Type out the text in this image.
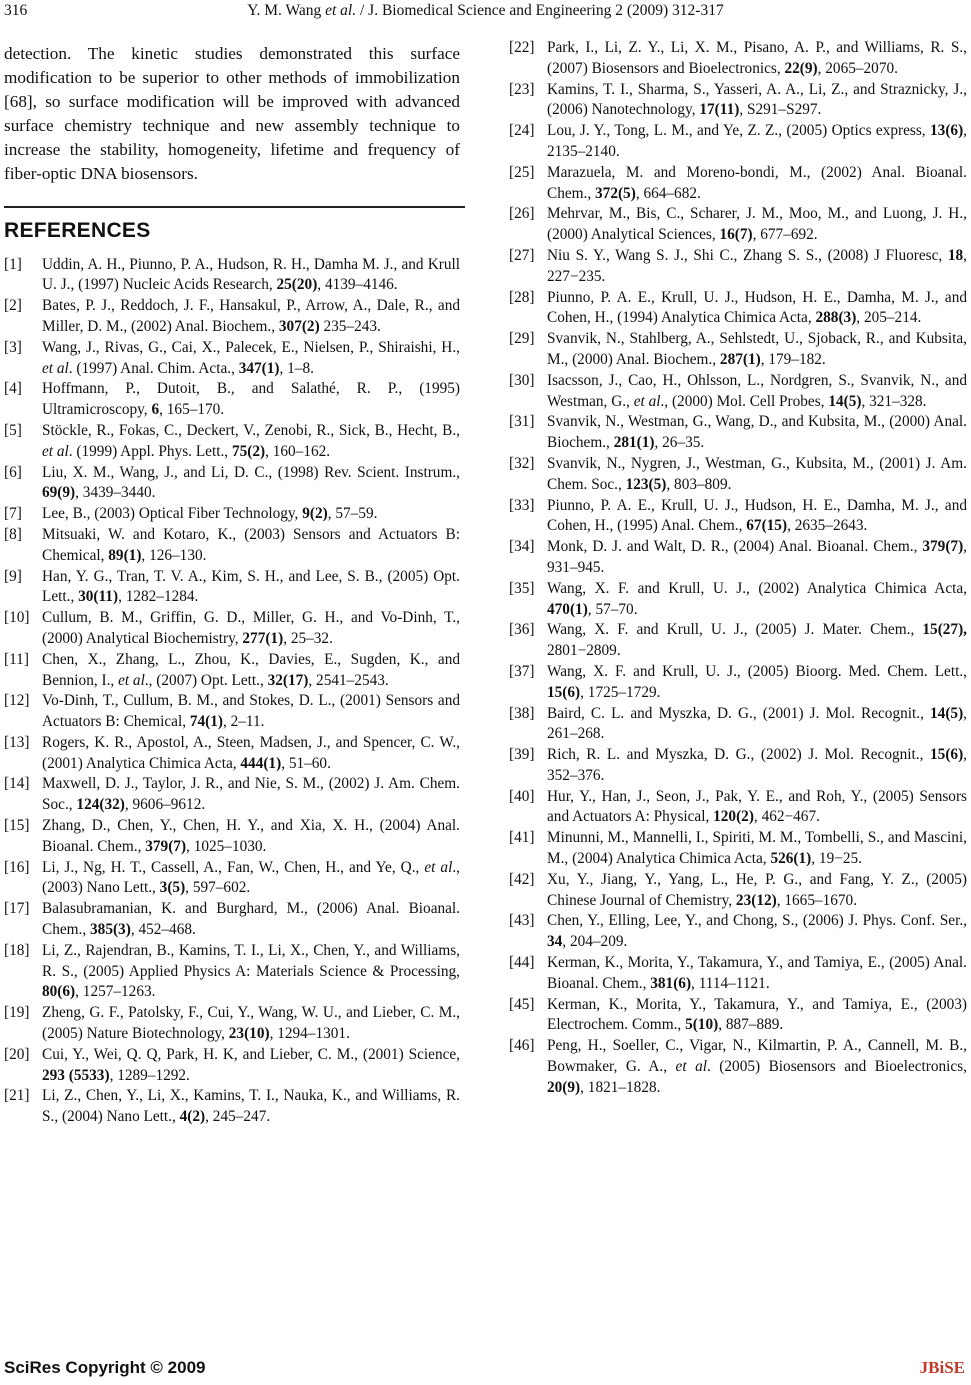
316	Y. M. Wang et al. / J. Biomedical Science and Engineering 2 (2009) 312-317

detection. The kinetic studies demonstrated this surface modification to be superior to other methods of immobilization [68], so surface modification will be improved with advanced surface chemistry technique and new assembly technique to increase the stability, homogeneity, lifetime and frequency of fiber-optic DNA biosensors.

REFERENCES
[1] Uddin, A. H., Piunno, P. A., Hudson, R. H., Damha M. J., and Krull U. J., (1997) Nucleic Acids Research, 25(20), 4139–4146.
[2] Bates, P. J., Reddoch, J. F., Hansakul, P., Arrow, A., Dale, R., and Miller, D. M., (2002) Anal. Biochem., 307(2) 235–243.
[3] Wang, J., Rivas, G., Cai, X., Palecek, E., Nielsen, P., Shiraishi, H., et al. (1997) Anal. Chim. Acta., 347(1), 1–8.
[4] Hoffmann, P., Dutoit, B., and Salathé, R. P., (1995) Ultramicroscopy, 6, 165–170.
[5] Stöckle, R., Fokas, C., Deckert, V., Zenobi, R., Sick, B., Hecht, B., et al. (1999) Appl. Phys. Lett., 75(2), 160–162.
[6] Liu, X. M., Wang, J., and Li, D. C., (1998) Rev. Scient. Instrum., 69(9), 3439–3440.
[7] Lee, B., (2003) Optical Fiber Technology, 9(2), 57–59.
[8] Mitsuaki, W. and Kotaro, K., (2003) Sensors and Actuators B: Chemical, 89(1), 126–130.
[9] Han, Y. G., Tran, T. V. A., Kim, S. H., and Lee, S. B., (2005) Opt. Lett., 30(11), 1282–1284.
[10] Cullum, B. M., Griffin, G. D., Miller, G. H., and Vo-Dinh, T., (2000) Analytical Biochemistry, 277(1), 25–32.
[11] Chen, X., Zhang, L., Zhou, K., Davies, E., Sugden, K., and Bennion, I., et al., (2007) Opt. Lett., 32(17), 2541–2543.
[12] Vo-Dinh, T., Cullum, B. M., and Stokes, D. L., (2001) Sensors and Actuators B: Chemical, 74(1), 2–11.
[13] Rogers, K. R., Apostol, A., Steen, Madsen, J., and Spencer, C. W., (2001) Analytica Chimica Acta, 444(1), 51–60.
[14] Maxwell, D. J., Taylor, J. R., and Nie, S. M., (2002) J. Am. Chem. Soc., 124(32), 9606–9612.
[15] Zhang, D., Chen, Y., Chen, H. Y., and Xia, X. H., (2004) Anal. Bioanal. Chem., 379(7), 1025–1030.
[16] Li, J., Ng, H. T., Cassell, A., Fan, W., Chen, H., and Ye, Q., et al., (2003) Nano Lett., 3(5), 597–602.
[17] Balasubramanian, K. and Burghard, M., (2006) Anal. Bioanal. Chem., 385(3), 452–468.
[18] Li, Z., Rajendran, B., Kamins, T. I., Li, X., Chen, Y., and Williams, R. S., (2005) Applied Physics A: Materials Science & Processing, 80(6), 1257–1263.
[19] Zheng, G. F., Patolsky, F., Cui, Y., Wang, W. U., and Lieber, C. M., (2005) Nature Biotechnology, 23(10), 1294–1301.
[20] Cui, Y., Wei, Q. Q, Park, H. K, and Lieber, C. M., (2001) Science, 293 (5533), 1289–1292.
[21] Li, Z., Chen, Y., Li, X., Kamins, T. I., Nauka, K., and Williams, R. S., (2004) Nano Lett., 4(2), 245–247.
[22] Park, I., Li, Z. Y., Li, X. M., Pisano, A. P., and Williams, R. S., (2007) Biosensors and Bioelectronics, 22(9), 2065–2070.
[23] Kamins, T. I., Sharma, S., Yasseri, A. A., Li, Z., and Straznicky, J., (2006) Nanotechnology, 17(11), S291–S297.
[24] Lou, J. Y., Tong, L. M., and Ye, Z. Z., (2005) Optics express, 13(6), 2135–2140.
[25] Marazuela, M. and Moreno-bondi, M., (2002) Anal. Bioanal. Chem., 372(5), 664–682.
[26] Mehrvar, M., Bis, C., Scharer, J. M., Moo, M., and Luong, J. H., (2000) Analytical Sciences, 16(7), 677–692.
[27] Niu S. Y., Wang S. J., Shi C., Zhang S. S., (2008) J Fluoresc, 18, 227−235.
[28] Piunno, P. A. E., Krull, U. J., Hudson, H. E., Damha, M. J., and Cohen, H., (1994) Analytica Chimica Acta, 288(3), 205–214.
[29] Svanvik, N., Stahlberg, A., Sehlstedt, U., Sjoback, R., and Kubsita, M., (2000) Anal. Biochem., 287(1), 179–182.
[30] Isacsson, J., Cao, H., Ohlsson, L., Nordgren, S., Svanvik, N., and Westman, G., et al., (2000) Mol. Cell Probes, 14(5), 321–328.
[31] Svanvik, N., Westman, G., Wang, D., and Kubsita, M., (2000) Anal. Biochem., 281(1), 26–35.
[32] Svanvik, N., Nygren, J., Westman, G., Kubsita, M., (2001) J. Am. Chem. Soc., 123(5), 803–809.
[33] Piunno, P. A. E., Krull, U. J., Hudson, H. E., Damha, M. J., and Cohen, H., (1995) Anal. Chem., 67(15), 2635–2643.
[34] Monk, D. J. and Walt, D. R., (2004) Anal. Bioanal. Chem., 379(7), 931–945.
[35] Wang, X. F. and Krull, U. J., (2002) Analytica Chimica Acta, 470(1), 57–70.
[36] Wang, X. F. and Krull, U. J., (2005) J. Mater. Chem., 15(27), 2801−2809.
[37] Wang, X. F. and Krull, U. J., (2005) Bioorg. Med. Chem. Lett., 15(6), 1725–1729.
[38] Baird, C. L. and Myszka, D. G., (2001) J. Mol. Recognit., 14(5), 261–268.
[39] Rich, R. L. and Myszka, D. G., (2002) J. Mol. Recognit., 15(6), 352–376.
[40] Hur, Y., Han, J., Seon, J., Pak, Y. E., and Roh, Y., (2005) Sensors and Actuators A: Physical, 120(2), 462−467.
[41] Minunni, M., Mannelli, I., Spiriti, M. M., Tombelli, S., and Mascini, M., (2004) Analytica Chimica Acta, 526(1), 19−25.
[42] Xu, Y., Jiang, Y., Yang, L., He, P. G., and Fang, Y. Z., (2005) Chinese Journal of Chemistry, 23(12), 1665–1670.
[43] Chen, Y., Elling, Lee, Y., and Chong, S., (2006) J. Phys. Conf. Ser., 34, 204–209.
[44] Kerman, K., Morita, Y., Takamura, Y., and Tamiya, E., (2005) Anal. Bioanal. Chem., 381(6), 1114–1121.
[45] Kerman, K., Morita, Y., Takamura, Y., and Tamiya, E., (2003) Electrochem. Comm., 5(10), 887–889.
[46] Peng, H., Soeller, C., Vigar, N., Kilmartin, P. A., Cannell, M. B., Bowmaker, G. A., et al. (2005) Biosensors and Bioelectronics, 20(9), 1821–1828.
SciRes Copyright © 2009	JBiSE
